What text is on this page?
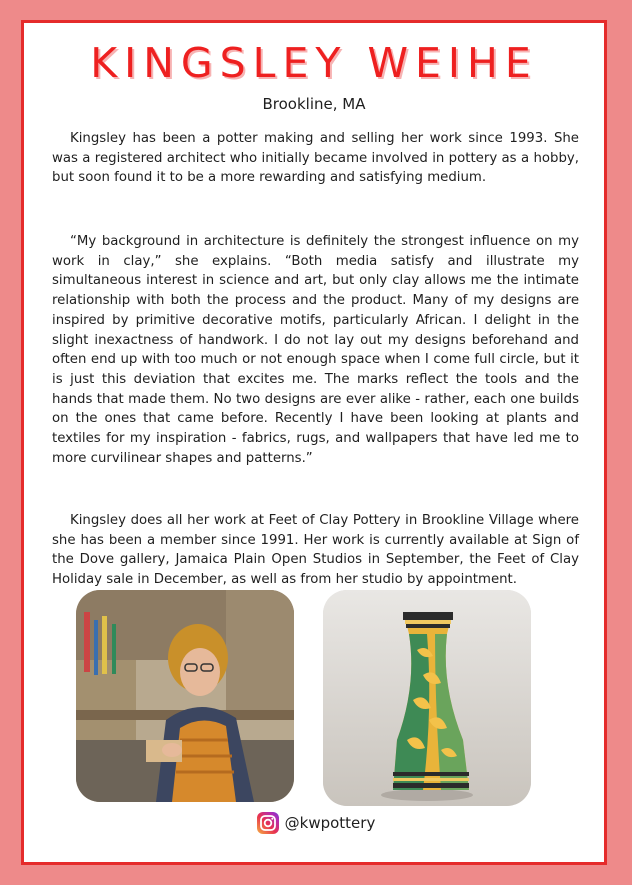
KINGSLEY WEIHE

Brookline, MA

Kingsley has been a potter making and selling her work since 1993. She was a registered architect who initially became involved in pottery as a hobby, but soon found it to be a more rewarding and satisfying medium.

“My background in architecture is definitely the strongest influence on my work in clay,” she explains. “Both media satisfy and illustrate my simultaneous interest in science and art, but only clay allows me the intimate relationship with both the process and the product. Many of my designs are inspired by primitive decorative motifs, particularly African. I delight in the slight inexactness of handwork. I do not lay out my designs beforehand and often end up with too much or not enough space when I come full circle, but it is just this deviation that excites me. The marks reflect the tools and the hands that made them. No two designs are ever alike - rather, each one builds on the ones that came before. Recently I have been looking at plants and textiles for my inspiration - fabrics, rugs, and wallpapers that have led me to more curvilinear shapes and patterns.”

Kingsley does all her work at Feet of Clay Pottery in Brookline Village where she has been a member since 1991. Her work is currently available at Sign of the Dove gallery, Jamaica Plain Open Studios in September, the Feet of Clay Holiday sale in December, as well as from her studio by appointment.

@kwpottery
